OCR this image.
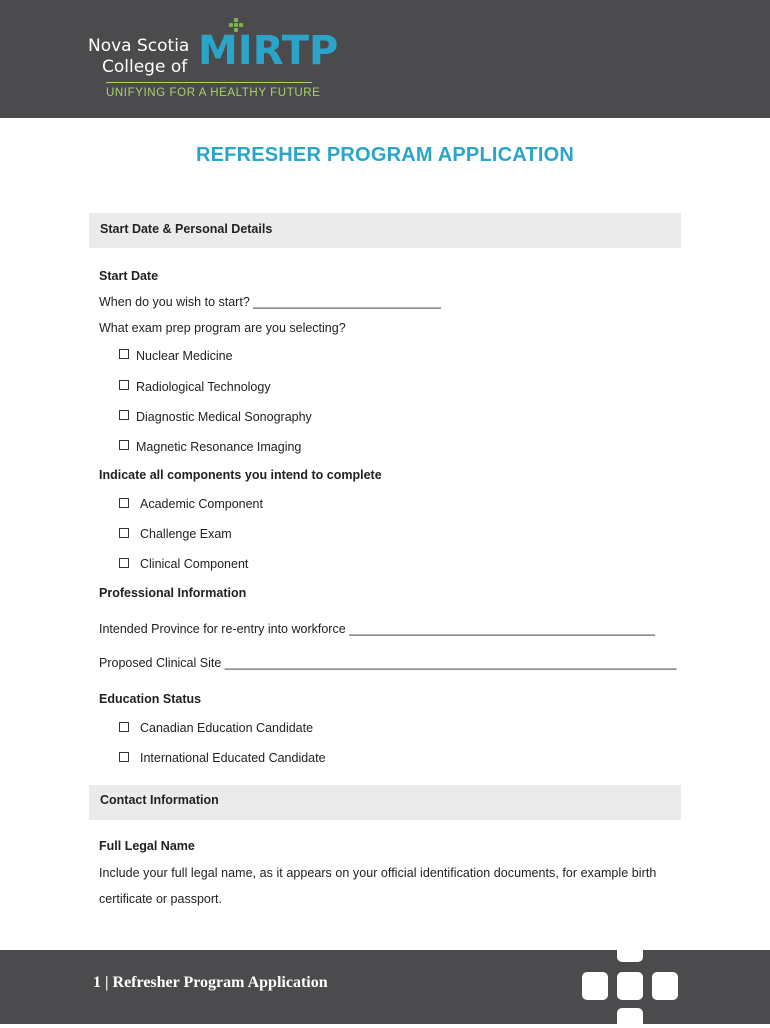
Nova Scotia
College of MIRTP
UNIFYING FOR A HEALTHY FUTURE
REFRESHER PROGRAM APPLICATION
Start Date & Personal Details
Start Date
When do you wish to start? ___________________________
What exam prep program are you selecting?
Nuclear Medicine
Radiological Technology
Diagnostic Medical Sonography
Magnetic Resonance Imaging
Indicate all components you intend to complete
Academic Component
Challenge Exam
Clinical Component
Professional Information
Intended Province for re-entry into workforce ____________________________________________
Proposed Clinical Site _________________________________________________________________
Education Status
Canadian Education Candidate
International Educated Candidate
Contact Information
Full Legal Name
Include your full legal name, as it appears on your official identification documents, for example birth
certificate or passport.
1 | Refresher Program Application
